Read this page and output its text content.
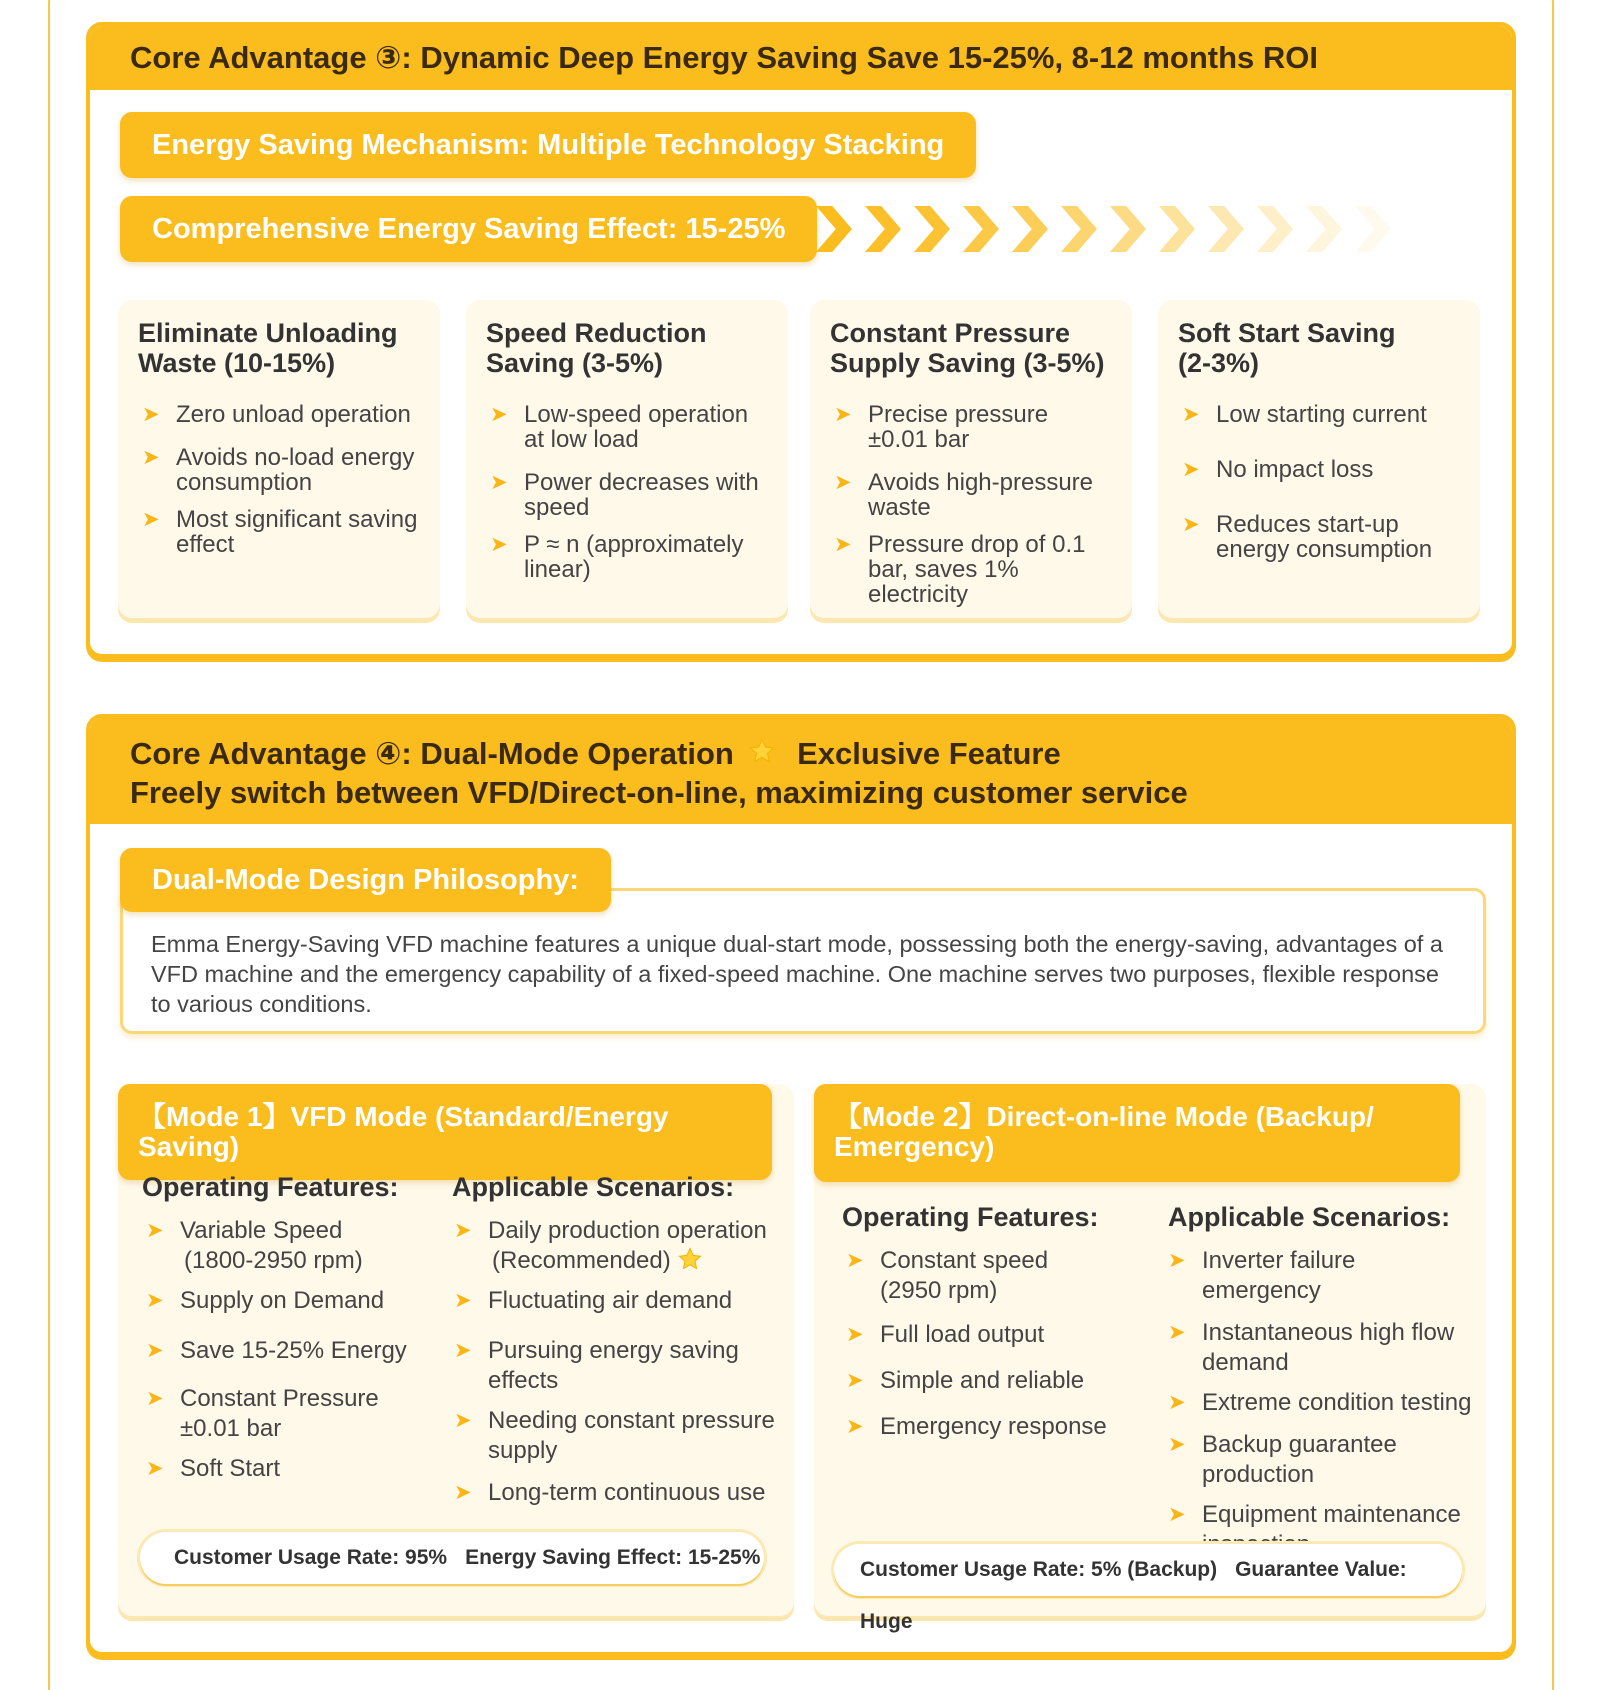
Core Advantage ③: Dynamic Deep Energy Saving Save 15-25%, 8-12 months ROI
Energy Saving Mechanism: Multiple Technology Stacking
Comprehensive Energy Saving Effect: 15-25%
Eliminate Unloading
Waste (10-15%)
➤ Zero unload operation
➤ Avoids no-load energy consumption
➤ Most significant saving effect
Speed Reduction
Saving (3-5%)
➤ Low-speed operation at low load
➤ Power decreases with speed
➤ P ≈ n (approximately linear)
Constant Pressure
Supply Saving (3-5%)
➤ Precise pressure ±0.01 bar
➤ Avoids high-pressure waste
➤ Pressure drop of 0.1 bar, saves 1% electricity
Soft Start Saving
(2-3%)
➤ Low starting current
➤ No impact loss
➤ Reduces start-up energy consumption
Core Advantage ④: Dual-Mode Operation Exclusive Feature
Freely switch between VFD/Direct-on-line, maximizing customer service
Emma Energy-Saving VFD machine features a unique dual-start mode, possessing both the energy-saving, advantages of a VFD machine and the emergency capability of a fixed-speed machine. One machine serves two purposes, flexible response to various conditions.
Dual-Mode Design Philosophy:
【Mode 1】VFD Mode (Standard/Energy Saving)
Operating Features:
➤ Variable Speed
(1800-2950 rpm)
➤ Supply on Demand
➤ Save 15-25% Energy
➤ Constant Pressure
±0.01 bar
➤ Soft Start
Applicable Scenarios:
➤ Daily production operation
(Recommended)
➤ Fluctuating air demand
➤ Pursuing energy saving
effects
➤ Needing constant pressure
supply
➤ Long-term continuous use
Customer Usage Rate: 95% Energy Saving Effect: 15-25%
【Mode 2】Direct-on-line Mode (Backup/
Emergency)
Operating Features:
➤ Constant speed
(2950 rpm)
➤ Full load output
➤ Simple and reliable
➤ Emergency response
Applicable Scenarios:
➤ Inverter failure emergency
➤ Instantaneous high flow
demand
➤ Extreme condition testing
➤ Backup guarantee
production
➤ Equipment maintenance
Customer Usage Rate: 5% (Backup) Guarantee Value: Huge
